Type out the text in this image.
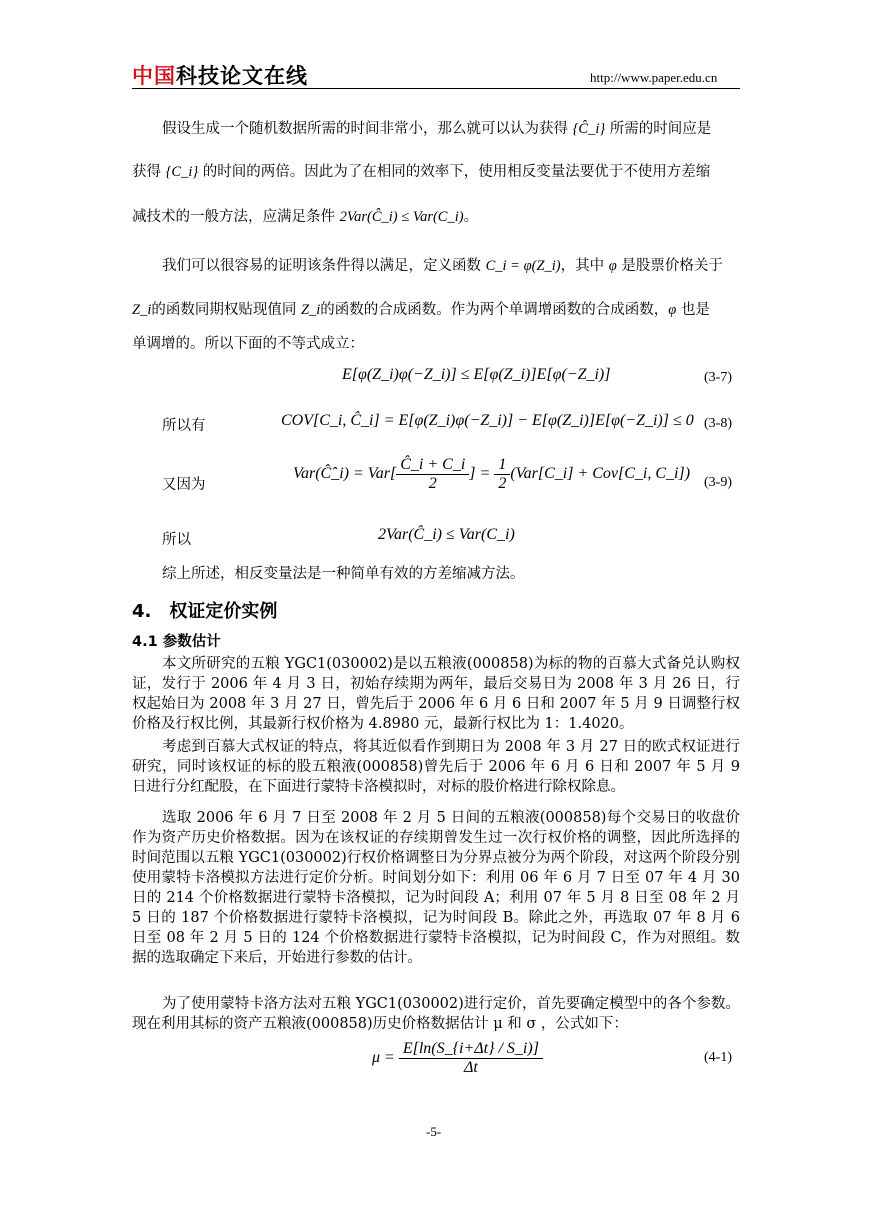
中国科技论文在线	http://www.paper.edu.cn
假设生成一个随机数据所需的时间非常小，那么就可以认为获得 {Ĉ_i} 所需的时间应是
获得 {C_i} 的时间的两倍。因此为了在相同的效率下，使用相反变量法要优于不使用方差缩
减技术的一般方法，应满足条件 2Var(Ĉ_i) ≤ Var(C_i)。
我们可以很容易的证明该条件得以满足，定义函数 C_i = φ(Z_i)，其中 φ 是股票价格关于
Z_i的函数同期权贴现值同 Z_i的函数的合成函数。作为两个单调增函数的合成函数，φ 也是
单调增的。所以下面的不等式成立：
E[φ(Z_i)φ(−Z_i)] ≤ E[φ(Z_i)]E[φ(−Z_i)]	(3-7)
所以有	COV[C_i, Ĉ_i] = E[φ(Z_i)φ(−Z_i)] − E[φ(Z_i)]E[φ(−Z_i)] ≤ 0 (3-8)
又因为
Var(Ĉ̂_i) = $Var[ \frac{Ĉ\_i + C\_i}{2}$ ] = $\frac{1}{2}$ (Var[C_i] + Cov[C_i, C_i])
(3-9)
所以	2Var(Ĉ_i) ≤ Var(C_i)
综上所述，相反变量法是一种简单有效的方差缩减方法。
4.　权证定价实例
4.1 参数估计

本文所研究的五粮 YGC1(030002)是以五粮液(000858)为标的物的百慕大式备兑认购权证，发行于 2006 年 4 月 3 日，初始存续期为两年，最后交易日为 2008 年 3 月 26 日，行权起始日为 2008 年 3 月 27 日，曾先后于 2006 年 6 月 6 日和 2007 年 5 月 9 日调整行权价格及行权比例，其最新行权价格为 4.8980 元，最新行权比为 1：1.4020。

考虑到百慕大式权证的特点，将其近似看作到期日为 2008 年 3 月 27 日的欧式权证进行研究，同时该权证的标的股五粮液(000858)曾先后于 2006 年 6 月 6 日和 2007 年 5 月 9 日进行分红配股，在下面进行蒙特卡洛模拟时，对标的股价格进行除权除息。

选取 2006 年 6 月 7 日至 2008 年 2 月 5 日间的五粮液(000858)每个交易日的收盘价作为资产历史价格数据。因为在该权证的存续期曾发生过一次行权价格的调整，因此所选择的时间范围以五粮 YGC1(030002)行权价格调整日为分界点被分为两个阶段，对这两个阶段分别使用蒙特卡洛模拟方法进行定价分析。时间划分如下：利用 06 年 6 月 7 日至 07 年 4 月 30 日的 214 个价格数据进行蒙特卡洛模拟，记为时间段 A；利用 07 年 5 月 8 日至 08 年 2 月 5 日的 187 个价格数据进行蒙特卡洛模拟，记为时间段 B。除此之外，再选取 07 年 8 月 6 日至 08 年 2 月 5 日的 124 个价格数据进行蒙特卡洛模拟，记为时间段 C，作为对照组。数据的选取确定下来后，开始进行参数的估计。

为了使用蒙特卡洛方法对五粮 YGC1(030002)进行定价，首先要确定模型中的各个参数。现在利用其标的资产五粮液(000858)历史价格数据估计 μ 和 σ ，公式如下：

$\mu = \frac{E[\ln(S\_\{i+\Delta t\} / S\_i)]}{\Delta t}$	(4-1)
-5-
